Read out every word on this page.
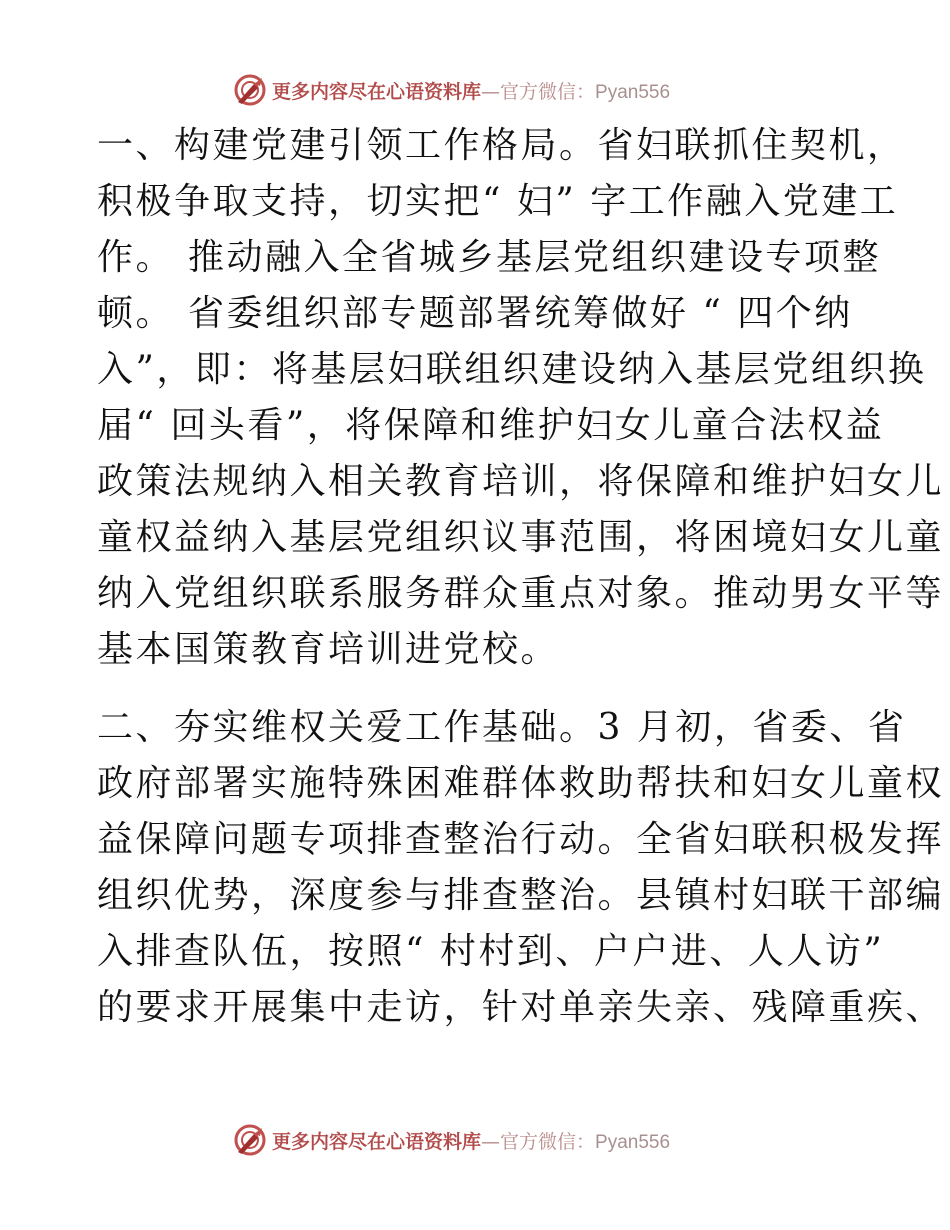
更多内容尽在心语资料库—官方微信：Pyan556
一、构建党建引领工作格局。省妇联抓住契机，
积极争取支持，切实把“ 妇” 字工作融入党建工
作。 推动融入全省城乡基层党组织建设专项整
顿。 省委组织部专题部署统筹做好 “ 四个纳
入”，即：将基层妇联组织建设纳入基层党组织换
届“ 回头看”，将保障和维护妇女儿童合法权益
政策法规纳入相关教育培训，将保障和维护妇女儿
童权益纳入基层党组织议事范围，将困境妇女儿童
纳入党组织联系服务群众重点对象。推动男女平等
基本国策教育培训进党校。
二、夯实维权关爱工作基础。3 月初，省委、省
政府部署实施特殊困难群体救助帮扶和妇女儿童权
益保障问题专项排查整治行动。全省妇联积极发挥
组织优势，深度参与排查整治。县镇村妇联干部编
入排查队伍，按照“ 村村到、户户进、人人访”
的要求开展集中走访，针对单亲失亲、残障重疾、
更多内容尽在心语资料库—官方微信：Pyan556
